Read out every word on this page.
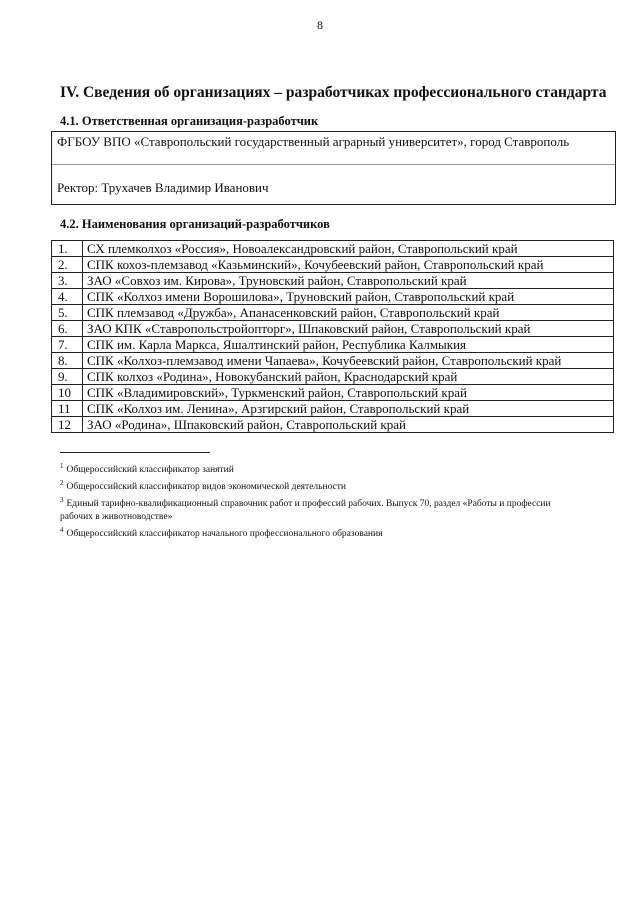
8
IV. Сведения об организациях – разработчиках профессионального стандарта
4.1. Ответственная организация-разработчик
ФГБОУ ВПО «Ставропольский государственный аграрный университет», город Ставрополь
Ректор: Трухачев Владимир Иванович
4.2. Наименования организаций-разработчиков
1.	СХ племколхоз «Россия», Новоалександровский район, Ставропольский край
2.	СПК кохоз-племзавод «Казьминский», Кочубеевский район, Ставропольский край
3.	ЗАО «Совхоз им. Кирова», Труновский район, Ставропольский край
4.	СПК «Колхоз имени Ворошилова», Труновский район, Ставропольский край
5.	СПК племзавод «Дружба», Апанасенковский район, Ставропольский край
6.	ЗАО КПК «Ставропольстройопторг», Шпаковский район, Ставропольский край
7.	СПК им. Карла Маркса, Яшалтинский район, Республика Калмыкия
8.	СПК «Колхоз-племзавод имени Чапаева», Кочубеевский район, Ставропольский край
9.	СПК колхоз «Родина», Новокубанский район, Краснодарский край
10	СПК «Владимировский», Туркменский район, Ставропольский край
11	СПК «Колхоз им. Ленина», Арзгирский район, Ставропольский край
12	ЗАО «Родина», Шпаковский район, Ставропольский край

$^1$ Общероссийский классификатор занятий

$^2$ Общероссийский классификатор видов экономической деятельности

$^3$ Единый тарифно-квалификационный справочник работ и профессий рабочих. Выпуск 70, раздел «Работы и профессии рабочих в животноводстве»

$^4$ Общероссийский классификатор начального профессионального образования
